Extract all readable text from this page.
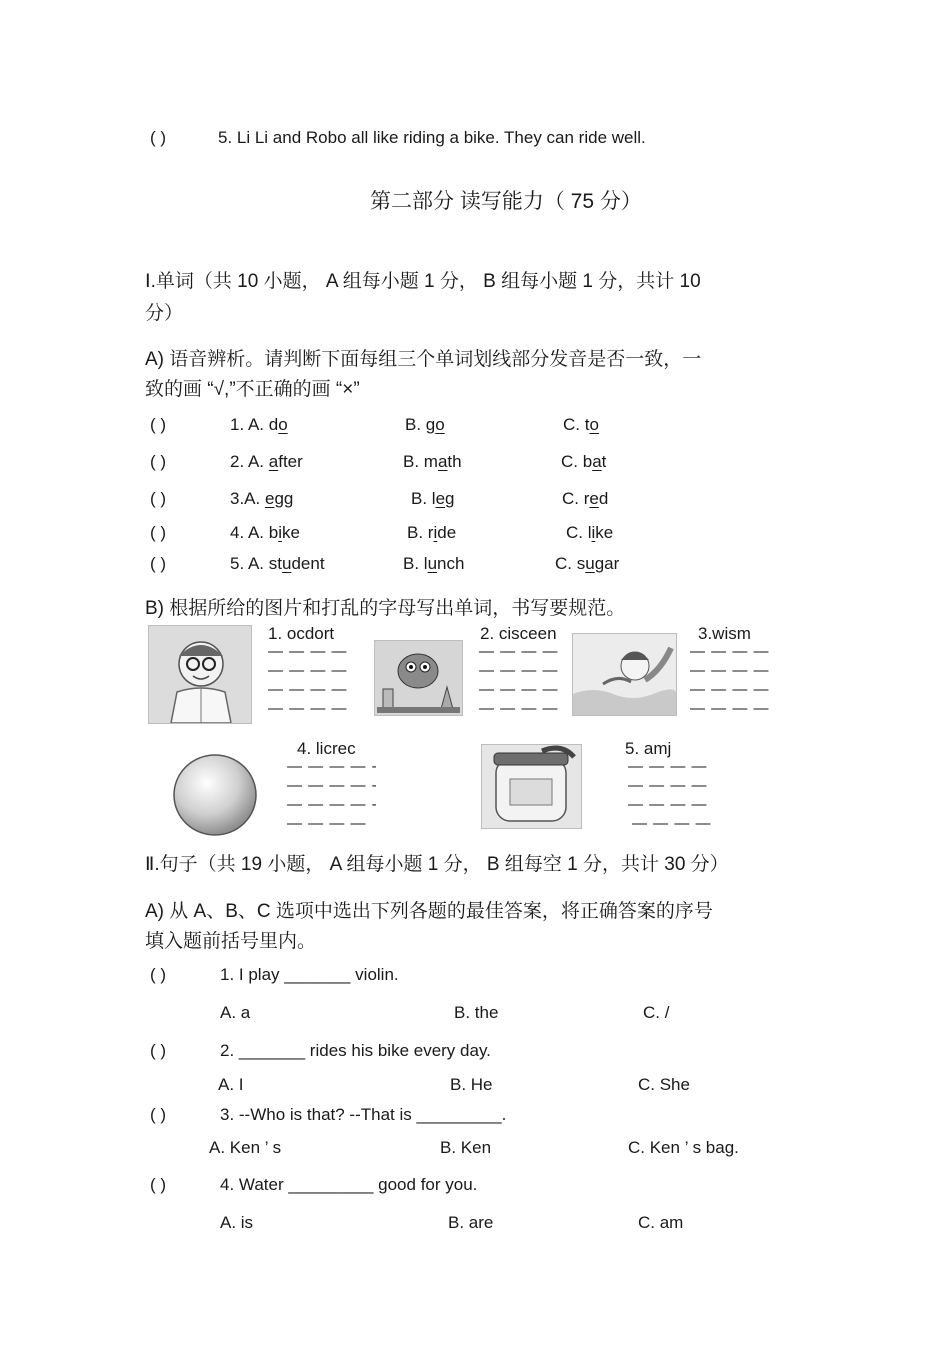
( )	5. Li Li and Robo all like riding a bike. They can ride well.
第二部分 读写能力（ 75 分）
Ⅰ.单词（共 10 小题， A 组每小题 1 分， B 组每小题 1 分，共计 10
分）
A) 语音辨析。请判断下面每组三个单词划线部分发音是否一致，一
致的画 “√,”不正确的画 “×”
( )	1. A. do	B. go	C. to
( )	2. A. after	B. math	C. bat
( )	3.A. egg	B. leg	C. red
( )	4. A. bike	B. ride	C. like
( )	5. A. student	B. lunch	C. sugar
B) 根据所给的图片和打乱的字母写出单词，书写要规范。
1. ocdort
— — — —
— — — —
— — — —
— — — —
2. cisceen
— — — —
— — — —
— — — —
— — — —
3.wism
— — — —
— — — —
— — — —
— — — —
4. licrec
— — — — -
— — — — -
— — — — -
— — — —
5. amj
— — — —
— — — —
— — — —
— — — —
Ⅱ.句子（共 19 小题， A 组每小题 1 分， B 组每空 1 分，共计 30 分）
A) 从 A、B、C 选项中选出下列各题的最佳答案，将正确答案的序号
填入题前括号里内。
( )	1. I play _______ violin.
A. a	B. the	C. /
( )	2. _______ rides his bike every day.
A. I	B. He	C. She
( )	3. --Who is that? --That is _________.
A. Ken ’ s	B. Ken	C. Ken ’ s bag.
( )	4. Water _________ good for you.
A. is	B. are	C. am
